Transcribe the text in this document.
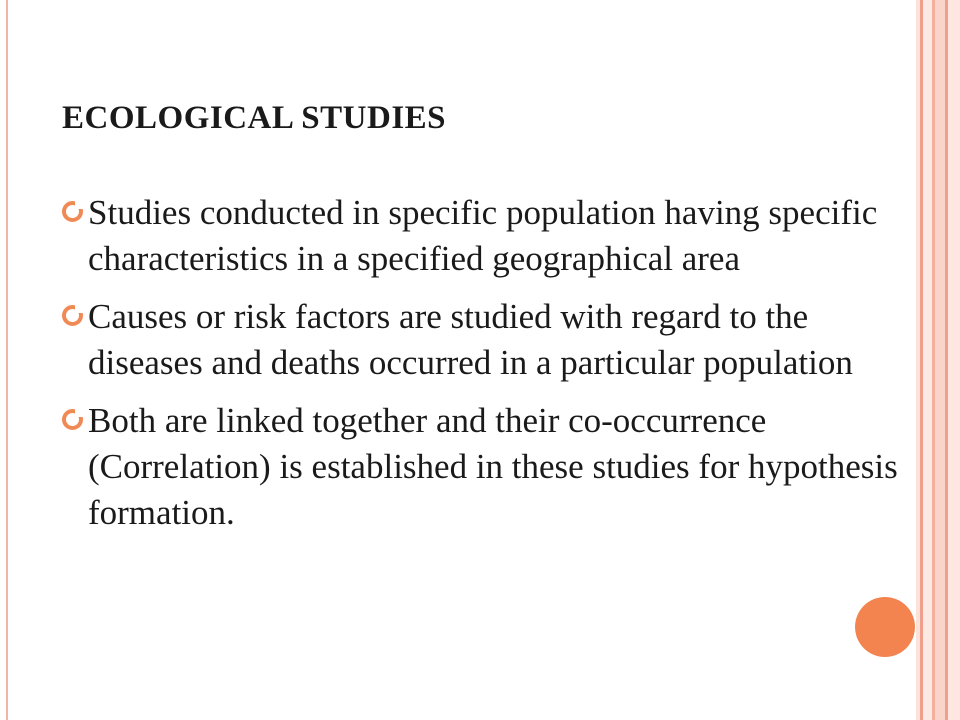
ECOLOGICAL STUDIES
Studies conducted in specific population having specific characteristics in a specified geographical area
Causes or risk factors are studied with regard to the diseases and deaths occurred in a particular population
Both are linked together and their co-occurrence (Correlation) is established in these studies for hypothesis formation.
